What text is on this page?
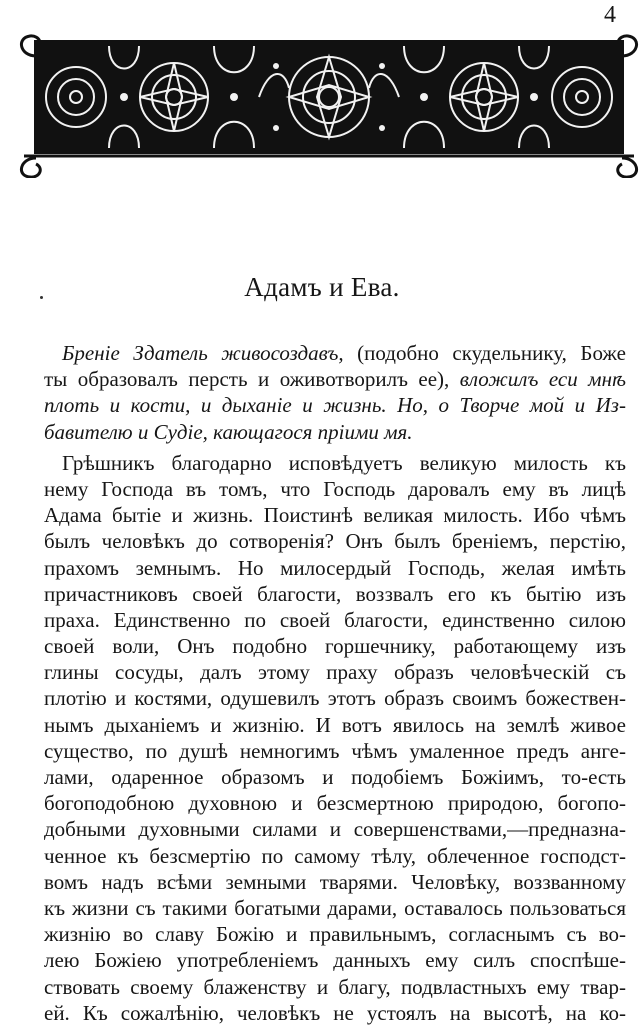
4
Адамъ и Ева.
Бреніе Здатель живосоздавъ, (подобно скудельнику, Боже
ты образовалъ персть и оживотворилъ ее), вложилъ еси мнѣ
плоть и кости, и дыханіе и жизнь. Но, о Творче мой и Из-
бавителю и Судіе, кающагося пріими мя.
Грѣшникъ благодарно исповѣдуетъ великую милость къ
нему Господа въ томъ, что Господь даровалъ ему въ лицѣ
Адама бытіе и жизнь. Поистинѣ великая милость. Ибо чѣмъ
былъ человѣкъ до сотворенія? Онъ былъ бреніемъ, перстію,
прахомъ земнымъ. Но милосердый Господь, желая имѣть
причастниковъ своей благости, воззвалъ его къ бытію изъ
праха. Единственно по своей благости, единственно силою
своей воли, Онъ подобно горшечнику, работающему изъ
глины сосуды, далъ этому праху образъ человѣческій съ
плотію и костями, одушевилъ этотъ образъ своимъ божествен-
нымъ дыханіемъ и жизнію. И вотъ явилось на землѣ живое
существо, по душѣ немногимъ чѣмъ умаленное предъ анге-
лами, одаренное образомъ и подобіемъ Божіимъ, то-есть
богоподобною духовною и безсмертною природою, богопо-
добными духовными силами и совершенствами,—предназна-
ченное къ безсмертію по самому тѣлу, облеченное господст-
вомъ надъ всѣми земными тварями. Человѣку, воззванному
къ жизни съ такими богатыми дарами, оставалось пользоваться
жизнію во славу Божію и правильнымъ, согласнымъ съ во-
лею Божіею употребленіемъ данныхъ ему силъ споспѣше-
ствовать своему блаженству и благу, подвластныхъ ему твар-
ей. Къ сожалѣнію, человѣкъ не устоялъ на высотѣ, на ко-
